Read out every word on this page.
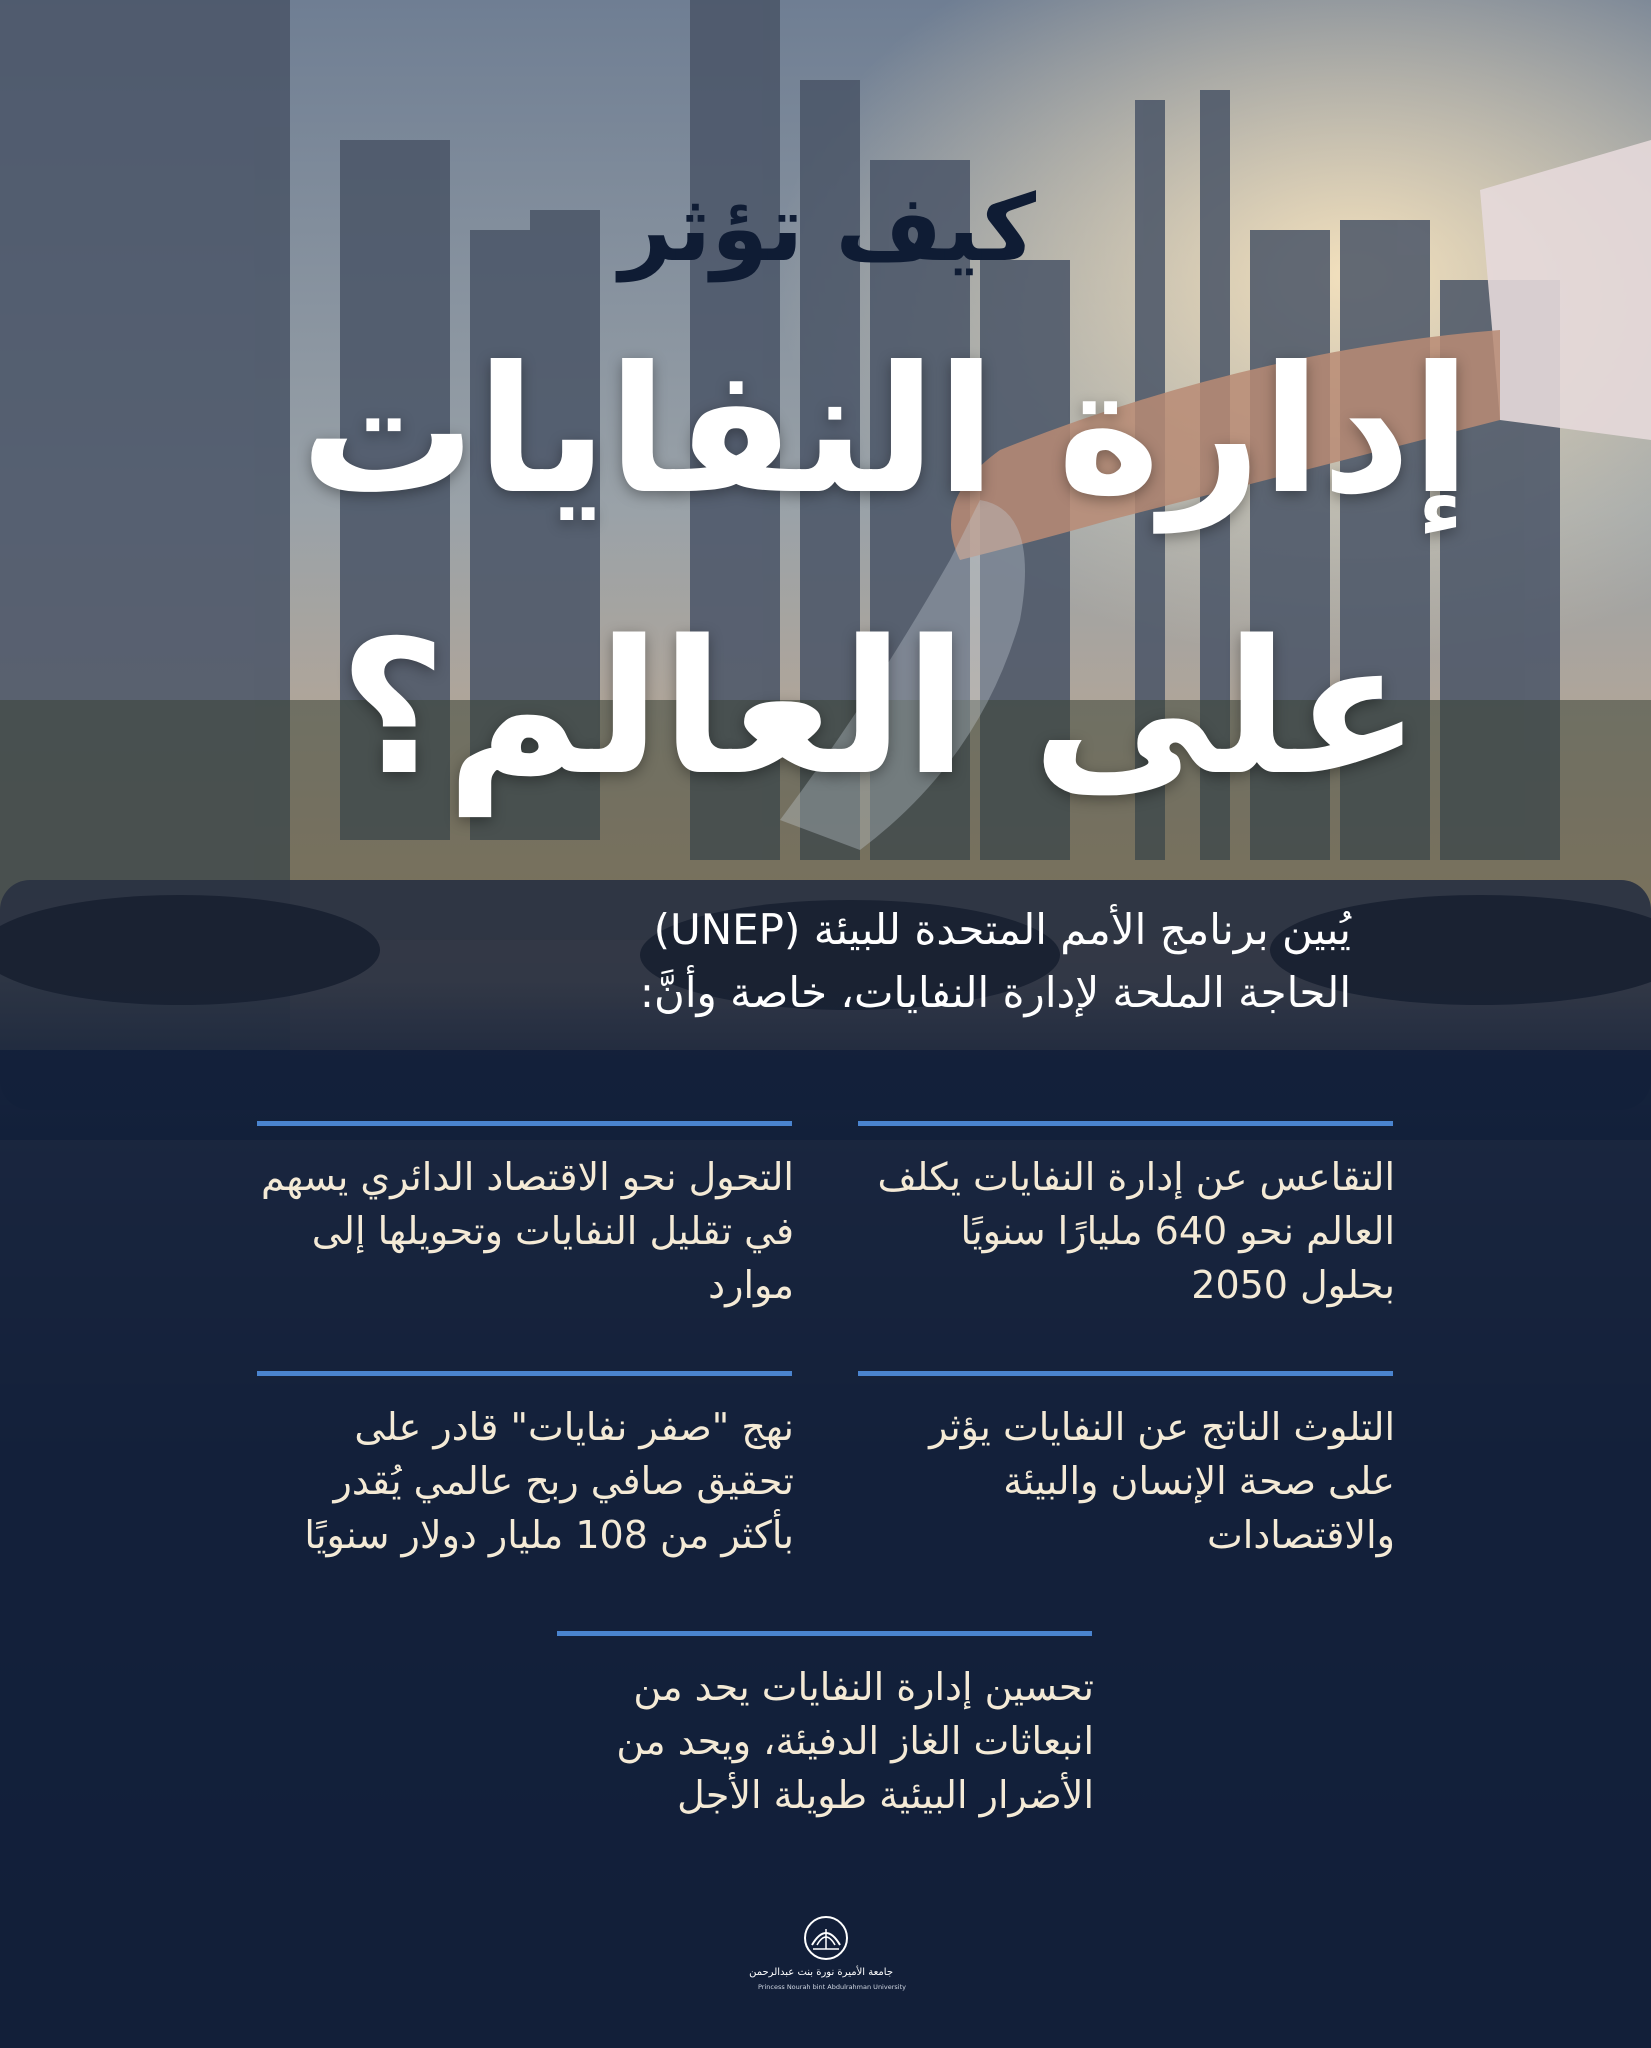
كيف تؤثر
إدارة النفايات
على العالم؟
يُبين برنامج الأمم المتحدة للبيئة (UNEP)
الحاجة الملحة لإدارة النفايات، خاصة وأنَّ:
التقاعس عن إدارة النفايات يكلف العالم نحو 640 مليارًا سنويًا بحلول 2050
التحول نحو الاقتصاد الدائري يسهم في تقليل النفايات وتحويلها إلى موارد
التلوث الناتج عن النفايات يؤثر على صحة الإنسان والبيئة والاقتصادات
نهج "صفر نفايات" قادر على تحقيق صافي ربح عالمي يُقدر بأكثر من 108 مليار دولار سنويًا
تحسين إدارة النفايات يحد من انبعاثات الغاز الدفيئة، ويحد من الأضرار البيئية طويلة الأجل
جامعة الأميرة نورة بنت عبدالرحمن
Princess Nourah bint Abdulrahman University
